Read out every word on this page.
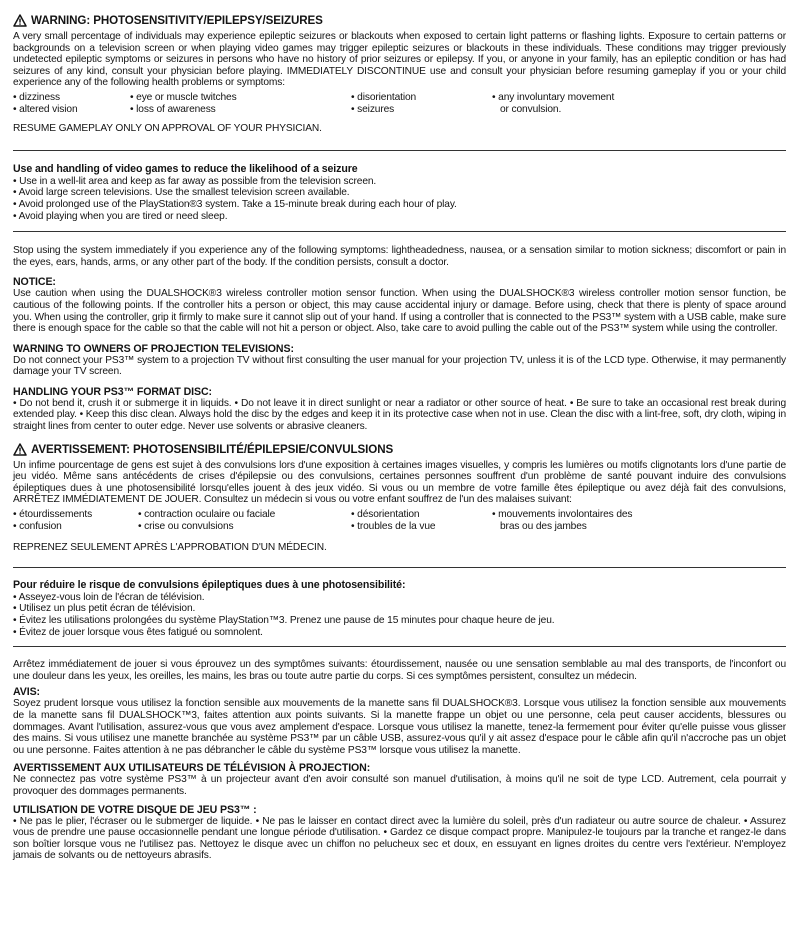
WARNING: PHOTOSENSITIVITY/EPILEPSY/SEIZURES

A very small percentage of individuals may experience epileptic seizures or blackouts when exposed to certain light patterns or flashing lights. Exposure to certain patterns or backgrounds on a television screen or when playing video games may trigger epileptic seizures or blackouts in these individuals. These conditions may trigger previously undetected epileptic symptoms or seizures in persons who have no history of prior seizures or epilepsy. If you, or anyone in your family, has an epileptic condition or has had seizures of any kind, consult your physician before playing. IMMEDIATELY DISCONTINUE use and consult your physician before resuming gameplay if you or your child experience any of the following health problems or symptoms:

• dizziness	• eye or muscle twitches	• disorientation	• any involuntary movement
• altered vision	• loss of awareness	• seizures	or convulsion.

RESUME GAMEPLAY ONLY ON APPROVAL OF YOUR PHYSICIAN.

Use and handling of video games to reduce the likelihood of a seizure

• Use in a well-lit area and keep as far away as possible from the television screen.
• Avoid large screen televisions. Use the smallest television screen available.
• Avoid prolonged use of the PlayStation®3 system. Take a 15-minute break during each hour of play.
• Avoid playing when you are tired or need sleep.

Stop using the system immediately if you experience any of the following symptoms: lightheadedness, nausea, or a sensation similar to motion sickness; discomfort or pain in the eyes, ears, hands, arms, or any other part of the body. If the condition persists, consult a doctor.

NOTICE:

Use caution when using the DUALSHOCK®3 wireless controller motion sensor function. When using the DUALSHOCK®3 wireless controller motion sensor function, be cautious of the following points. If the controller hits a person or object, this may cause accidental injury or damage. Before using, check that there is plenty of space around you. When using the controller, grip it firmly to make sure it cannot slip out of your hand. If using a controller that is connected to the PS3™ system with a USB cable, make sure there is enough space for the cable so that the cable will not hit a person or object. Also, take care to avoid pulling the cable out of the PS3™ system while using the controller.

WARNING TO OWNERS OF PROJECTION TELEVISIONS:

Do not connect your PS3™ system to a projection TV without first consulting the user manual for your projection TV, unless it is of the LCD type. Otherwise, it may permanently damage your TV screen.

HANDLING YOUR PS3™ FORMAT DISC:

• Do not bend it, crush it or submerge it in liquids. • Do not leave it in direct sunlight or near a radiator or other source of heat. • Be sure to take an occasional rest break during extended play. • Keep this disc clean. Always hold the disc by the edges and keep it in its protective case when not in use. Clean the disc with a lint-free, soft, dry cloth, wiping in straight lines from center to outer edge. Never use solvents or abrasive cleaners.

AVERTISSEMENT: PHOTOSENSIBILITÉ/ÉPILEPSIE/CONVULSIONS

Un infime pourcentage de gens est sujet à des convulsions lors d'une exposition à certaines images visuelles, y compris les lumières ou motifs clignotants lors d'une partie de jeu vidéo. Même sans antécédents de crises d'épilepsie ou des convulsions, certaines personnes souffrent d'un problème de santé pouvant induire des convulsions épileptiques dues à une photosensibilité lorsqu'elles jouent à des jeux vidéo. Si vous ou un membre de votre famille êtes épileptique ou avez déjà fait des convulsions, ARRÊTEZ IMMÉDIATEMENT DE JOUER. Consultez un médecin si vous ou votre enfant souffrez de l'un des malaises suivant:

• étourdissements	• contraction oculaire ou faciale	• désorientation	• mouvements involontaires des
• confusion	• crise ou convulsions	• troubles de la vue	bras ou des jambes

REPRENEZ SEULEMENT APRÈS L'APPROBATION D'UN MÉDECIN.

Pour réduire le risque de convulsions épileptiques dues à une photosensibilité:

• Asseyez-vous loin de l'écran de télévision.
• Utilisez un plus petit écran de télévision.
• Évitez les utilisations prolongées du système PlayStation™3. Prenez une pause de 15 minutes pour chaque heure de jeu.
• Évitez de jouer lorsque vous êtes fatigué ou somnolent.

Arrêtez immédiatement de jouer si vous éprouvez un des symptômes suivants: étourdissement, nausée ou une sensation semblable au mal des transports, de l'inconfort ou une douleur dans les yeux, les oreilles, les mains, les bras ou toute autre partie du corps. Si ces symptômes persistent, consultez un médecin.

AVIS:

Soyez prudent lorsque vous utilisez la fonction sensible aux mouvements de la manette sans fil DUALSHOCK®3. Lorsque vous utilisez la fonction sensible aux mouvements de la manette sans fil DUALSHOCK™3, faites attention aux points suivants. Si la manette frappe un objet ou une personne, cela peut causer accidents, blessures ou dommages. Avant l'utilisation, assurez-vous que vous avez amplement d'espace. Lorsque vous utilisez la manette, tenez-la fermement pour éviter qu'elle puisse vous glisser des mains. Si vous utilisez une manette branchée au système PS3™ par un câble USB, assurez-vous qu'il y ait assez d'espace pour le câble afin qu'il n'accroche pas un objet ou une personne. Faites attention à ne pas débrancher le câble du système PS3™ lorsque vous utilisez la manette.

AVERTISSEMENT AUX UTILISATEURS DE TÉLÉVISION À PROJECTION:

Ne connectez pas votre système PS3™ à un projecteur avant d'en avoir consulté son manuel d'utilisation, à moins qu'il ne soit de type LCD. Autrement, cela pourrait y provoquer des dommages permanents.

UTILISATION DE VOTRE DISQUE DE JEU PS3™ :

• Ne pas le plier, l'écraser ou le submerger de liquide. • Ne pas le laisser en contact direct avec la lumière du soleil, près d'un radiateur ou autre source de chaleur. • Assurez vous de prendre une pause occasionnelle pendant une longue période d'utilisation. • Gardez ce disque compact propre. Manipulez-le toujours par la tranche et rangez-le dans son boîtier lorsque vous ne l'utilisez pas. Nettoyez le disque avec un chiffon no pelucheux sec et doux, en essuyant en lignes droites du centre vers l'extérieur. N'employez jamais de solvants ou de nettoyeurs abrasifs.
